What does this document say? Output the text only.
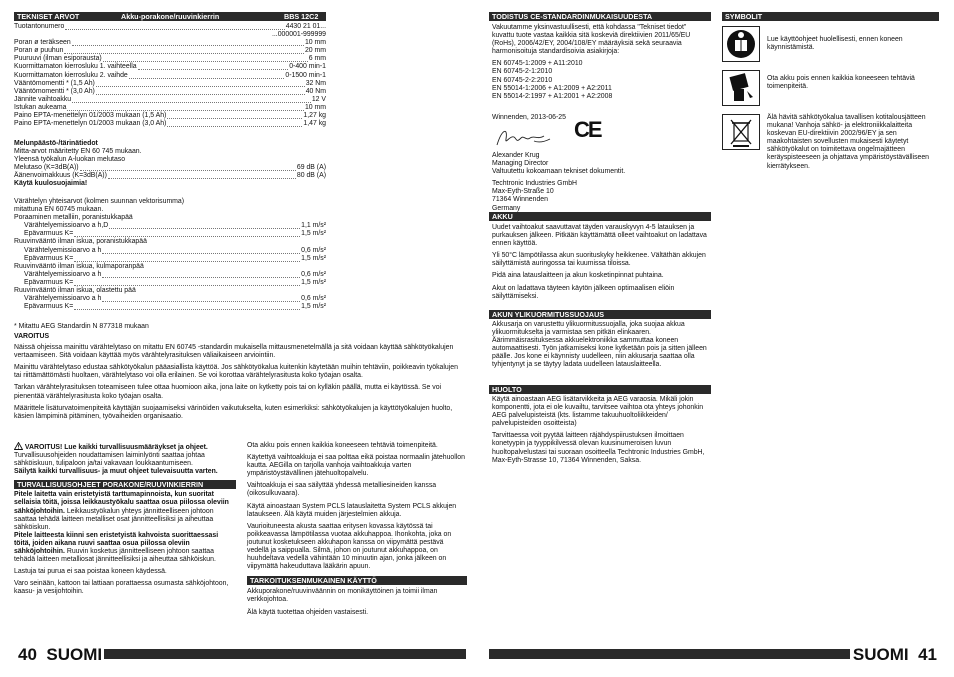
TEKNISET ARVOT	Akku-porakone/ruuvinkierrin	BBS 12C2
Tuotantonumero	4430 21 01...
...000001-999999
Poran ø teräkseen	10 mm
Poran ø puuhun	20 mm
Puuruuvi (ilman esiporausta)	6 mm
Kuormittamaton kierrosluku 1. vaihteella	0-400 min-1
Kuormittamaton kierrosluku 2. vaihde	0-1500 min-1
Vääntömomentti * (1,5 Ah)	32 Nm
Vääntömomentti * (3,0 Ah)	40 Nm
Jännite vaihtoakku	12 V
Istukan aukeama	10 mm
Paino EPTA-menettelyn 01/2003 mukaan (1,5 Ah)	1,27 kg
Paino EPTA-menettelyn 01/2003 mukaan (3,0 Ah)	1,47 kg

Melunpäästö-/tärinätiedot

Mitta-arvot määritetty EN 60 745 mukaan.

Yleensä työkalun A-luokan melutaso

Melutaso (K=3dB(A))	69 dB (A)
Äänenvoimakkuus (K=3dB(A))	80 dB (A)

Käytä kuulosuojaimia!

Värähtelyn yhteisarvot (kolmen suunnan vektorisumma)

mitattuna EN 60745 mukaan.

Poraaminen metalliin, poranistukkapää

Värähtelyemissioarvo a h,D	1,1 m/s²
Epävarmuus K=	1,5 m/s²

Ruuvinvääntö ilman iskua, poranistukkapää

Värähtelyemissioarvo a h	0,6 m/s²
Epävarmuus K=	1,5 m/s²

Ruuvinvääntö ilman iskua, kulmaporanpää

Värähtelyemissioarvo a h	0,6 m/s²
Epävarmuus K=	1,5 m/s²

Ruuvinvääntö ilman iskua, olastettu pää

Värähtelyemissioarvo a h	0,6 m/s²
Epävarmuus K=	1,5 m/s²

* Mitattu AEG Standardin N 877318 mukaan

VAROITUS

Näissä ohjeissa mainittu värähtelytaso on mitattu EN 60745 -standardin mukaisella mittausmenetelmällä ja sitä voidaan käyttää sähkötyökalujen vertaamiseen. Sitä voidaan käyttää myös värähtelyrasituksen väliaikaiseen arviointiin.

Mainittu värähtelytaso edustaa sähkötyökalun pääasiallista käyttöä. Jos sähkötyökalua kuitenkin käytetään muihin tehtäviin, poikkeavin työkalujen tai riittämättömästi huoltaen, värähtelytaso voi olla erilainen. Se voi korottaa värähtelyrasitusta koko työajan osalta.

Tarkan värähtelyrasituksen toteamiseen tulee ottaa huomioon aika, jona laite on kytketty pois tai on kylläkin päällä, mutta ei käytössä. Se voi pienentää värähtelyrasitusta koko työajan osalta.

Määrittele lisäturvatoimenpiteitä käyttäjän suojaamiseksi värinöiden vaikutukselta, kuten esimerkiksi: sähkötyökalujen ja käyttötyökalujen huolto, käsien lämpiminä pitäminen, työvaiheiden organisaatio.

VAROITUS! Lue kaikki turvallisuusmääräykset ja ohjeet. Turvallisuusohjeiden noudattamisen laiminlyönti saattaa johtaa sähköiskuun, tulipaloon ja/tai vakavaan loukkaantumiseen.

Säilytä kaikki turvallisuus- ja muut ohjeet tulevaisuutta varten.

TURVALLISUUSOHJEET PORAKONE/RUUVINKIERRIN

Pitele laitetta vain eristetyistä tarttumapinnoista, kun suoritat sellaisia töitä, joissa leikkaustyökalu saattaa osua piilossa oleviin sähköjohtoihin. Leikkaustyökalun yhteys jännitteelliseen johtoon saattaa tehädä laitteen metalliset osat jännitteellisiksi ja aiheuttaa sähköiskun.

Pitele laitteesta kiinni sen eristetyistä kahvoista suorittaessasi töitä, joiden aikana ruuvi saattaa osua piilossa oleviin sähköjohtoihin. Ruuvin kosketus jännitteelliseen johtoon saattaa tehädä laitteen metalliosat jännitteellisiksi ja aiheuttaa sähköiskun.

Lastuja tai purua ei saa poistaa koneen käydessä.

Varo seinään, kattoon tai lattiaan porattaessa osumasta sähköjohtoon, kaasu- ja vesijohtoihin.

Ota akku pois ennen kaikkia koneeseen tehtäviä toimenpiteitä.

Käytettyä vaihtoakkuja ei saa polttaa eikä poistaa normaalin jätehuollon kautta. AEGilla on tarjolla vanhoja vaihtoakkuja varten ympäristöystävällinen jätehuoltopalvelu.

Vaihtoakkuja ei saa säilyttää yhdessä metalliesineiden kanssa (oikosulkuvaara).

Käytä ainoastaan System PCLS latauslaitetta System PCLS akkujen lataukseen. Älä käytä muiden järjestelmien akkuja.

Vaurioituneesta akusta saattaa eritysen kovassa käytössä tai poikkeavassa lämpötilassa vuotaa akkuhappoa. Ihonkohta, joka on joutunut kosketukseen akkuhapon kanssa on viipymättä pestävä vedellä ja saippualla. Silmä, johon on joutunut akkuhappoa, on huuhdeltava vedellä vähintään 10 minuutin ajan, jonka jälkeen on viipymättä hakeuduttava lääkärin apuun.

TARKOITUKSENMUKAINEN KÄYTTÖ

Akkuporakone/ruuvinväännin on monikäyttöinen ja toimii ilman verkkojohtoa.

Älä käytä tuotettaa ohjeiden vastaisesti.

40 SUOMI
TODISTUS CE-STANDARDINMUKAISUUDESTA

Vakuutamme yksinvastuullisesti, että kohdassa "Tekniset tiedot" kuvattu tuote vastaa kaikkia sitä koskeviä direktiivien 2011/65/EU (RoHs), 2006/42/EY, 2004/108/EY määräyksiä sekä seuraavia harmonisoituja standardisoivia asiakirjoja:

EN 60745-1:2009 + A11:2010

EN 60745-2-1:2010

EN 60745-2-2:2010

EN 55014-1:2006 + A1:2009 + A2:2011

EN 55014-2:1997 + A1:2001 + A2:2008

Winnenden, 2013-06-25 CE

Alexander Krug

Managing Director

Valtuutettu kokoamaan tekniset dokumentit.

Techtronic Industries GmbH

Max-Eyth-Straße 10

71364 Winnenden

Germany

AKKU

Uudet vaihtoakut saavuttavat täyden varauskyvyn 4-5 latauksen ja purkauksen jälkeen. Pitkään käyttämättä olleet vaihtoakut on ladattava ennen käyttöä.

Yli 50°C lämpötilassa akun suorituskyky heikkenee. Vältäthän akkujen säilyttämistä auringossa tai kuumissa tiloissa.

Pidä aina latauslaitteen ja akun kosketinpinnat puhtaina.

Akut on ladattava täyteen käytön jälkeen optimaalisen eliöin säilyttämiseksi.

AKUN YLIKUORMITUSSUOJAUS

Akkusarja on varustettu ylikuormitussuojalla, joka suojaa akkua ylikuormitukselta ja varmistaa sen pitkän elinkaaren. Äärimmäisrasituksessa akkuelektroniikka sammuttaa koneen automaattisesti. Työn jatkamiseksi kone kytketään pois ja sitten jälleen päälle. Jos kone ei käynnisty uudelleen, niin akkusarja saattaa olla tyhjentynyt ja se täytyy ladata uudelleen latauslaitteella.

HUOLTO

Käytä ainoastaan AEG lisätarvikkeita ja AEG varaosia. Mikäli jokin komponentti, jota ei ole kuvailtu, tarvitsee vaihtoa ota yhteys johonkin AEG palvelupisteistä (kts. listamme takuuhuoltoliikkeiden/ palvelupisteiden osoitteista)

Tarvittaessa voit pyytää laitteen räjähdyspiirustuksen ilmoittaen konetyypin ja tyyppikilvessä olevan kuusinumeroisen luvun huoltopalvelustasi tai suoraan osoitteella Techtronic Industries GmbH, Max-Eyth-Strasse 10, 71364 Winnenden, Saksa.

SYMBOLIT
Lue käyttöohjeet huolellisesti, ennen koneen käynnistämistä.
Ota akku pois ennen kaikkia koneeseen tehtäviä toimenpiteitä.
Älä hävitä sähkötyökalua tavallisen kotitalousjätteen mukana! Vanhoja sähkö- ja elektroniikkalaitteita koskevan EU-direktiivin 2002/96/EY ja sen maakohtaisten sovellusten mukaisesti käytetyt sähkötyökalut on toimitettava ongelmajätteen keräyspisteeseen ja ohjattava ympäristöystävälliseen kierrätykseen.
SUOMI 41
